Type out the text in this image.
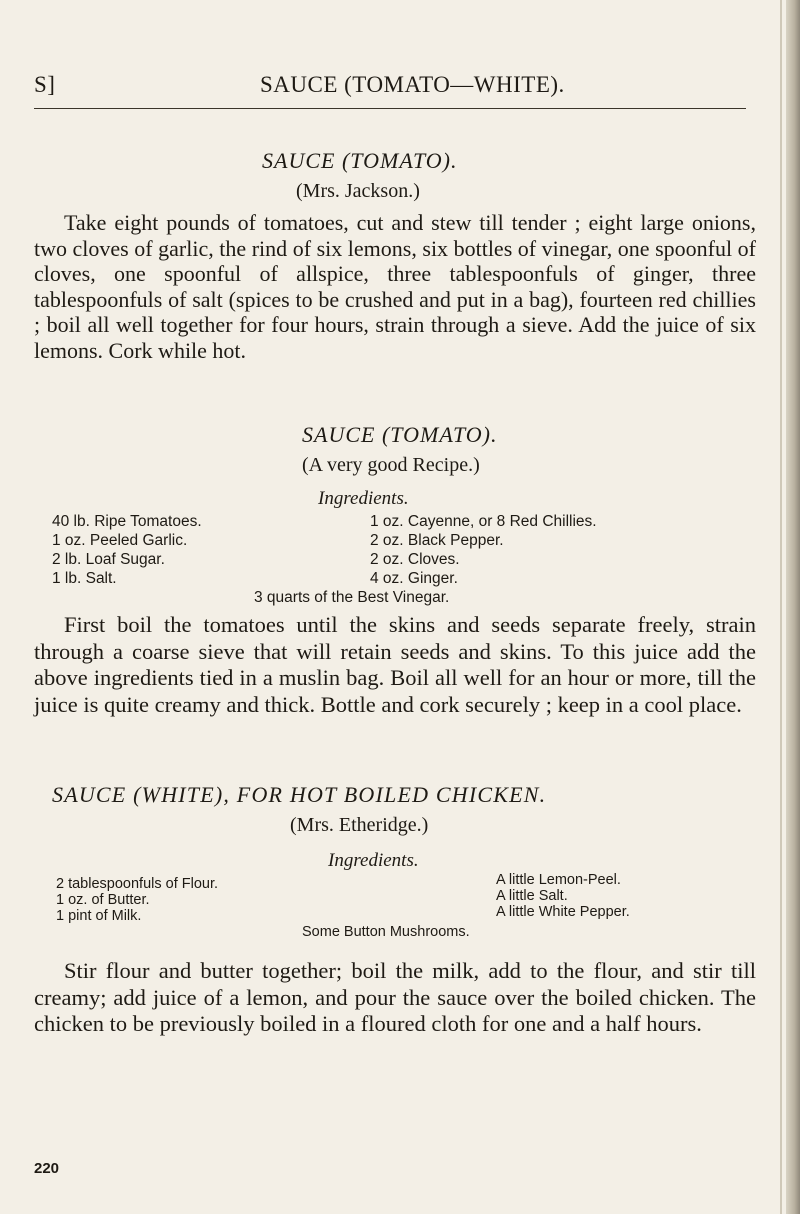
S]	SAUCE (TOMATO—WHITE).
SAUCE (TOMATO).
(Mrs. Jackson.)

Take eight pounds of tomatoes, cut and stew till tender ; eight large onions, two cloves of garlic, the rind of six lemons, six bottles of vinegar, one spoonful of cloves, one spoonful of allspice, three tablespoonfuls of ginger, three tablespoonfuls of salt (spices to be crushed and put in a bag), fourteen red chillies ; boil all well together for four hours, strain through a sieve. Add the juice of six lemons. Cork while hot.

SAUCE (TOMATO).
(A very good Recipe.)
Ingredients.
40 lb. Ripe Tomatoes.
1 oz. Peeled Garlic.
2 lb. Loaf Sugar.
1 lb. Salt.
1 oz. Cayenne, or 8 Red Chillies.
2 oz. Black Pepper.
2 oz. Cloves.
4 oz. Ginger.
3 quarts of the Best Vinegar.

First boil the tomatoes until the skins and seeds separate freely, strain through a coarse sieve that will retain seeds and skins. To this juice add the above ingredients tied in a muslin bag. Boil all well for an hour or more, till the juice is quite creamy and thick. Bottle and cork securely ; keep in a cool place.

SAUCE (WHITE), FOR HOT BOILED CHICKEN.
(Mrs. Etheridge.)
Ingredients.
2 tablespoonfuls of Flour.
1 oz. of Butter.
1 pint of Milk.
A little Lemon-Peel.
A little Salt.
A little White Pepper.
Some Button Mushrooms.

Stir flour and butter together; boil the milk, add to the flour, and stir till creamy; add juice of a lemon, and pour the sauce over the boiled chicken. The chicken to be previously boiled in a floured cloth for one and a half hours.

220
